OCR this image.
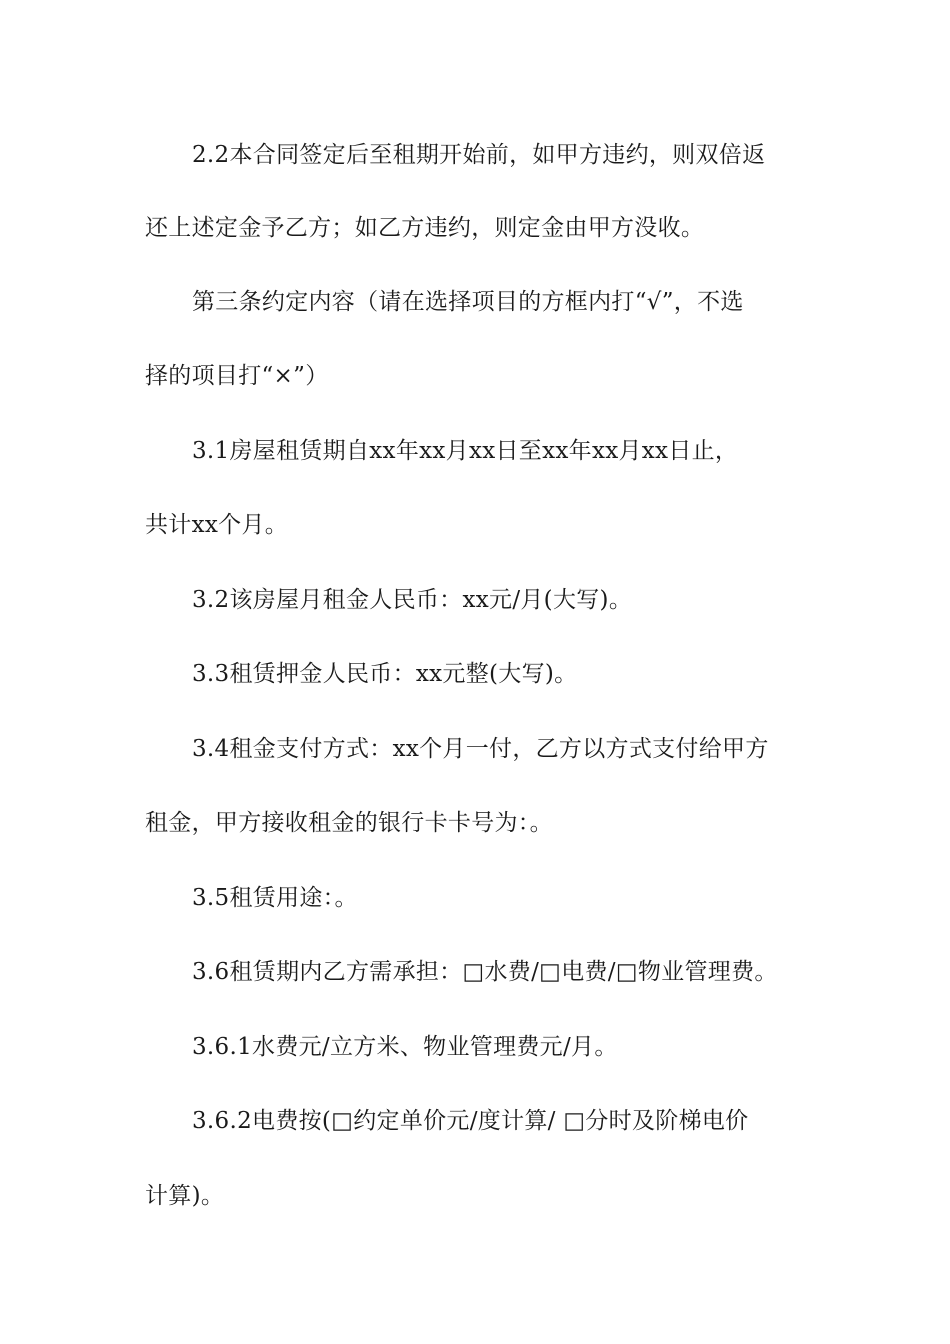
2.2本合同签定后至租期开始前，如甲方违约，则双倍返
还上述定金予乙方；如乙方违约，则定金由甲方没收。
第三条约定内容（请在选择项目的方框内打“√”，不选
择的项目打“×”）
3.1房屋租赁期自xx年xx月xx日至xx年xx月xx日止，
共计xx个月。
3.2该房屋月租金人民币：xx元/月(大写)。
3.3租赁押金人民币：xx元整(大写)。
3.4租金支付方式：xx个月一付，乙方以方式支付给甲方
租金，甲方接收租金的银行卡卡号为：。
3.5租赁用途：。
3.6租赁期内乙方需承担：□水费/□电费/□物业管理费。
3.6.1水费元/立方米、物业管理费元/月。
3.6.2电费按(□约定单价元/度计算/ □分时及阶梯电价
计算)。
